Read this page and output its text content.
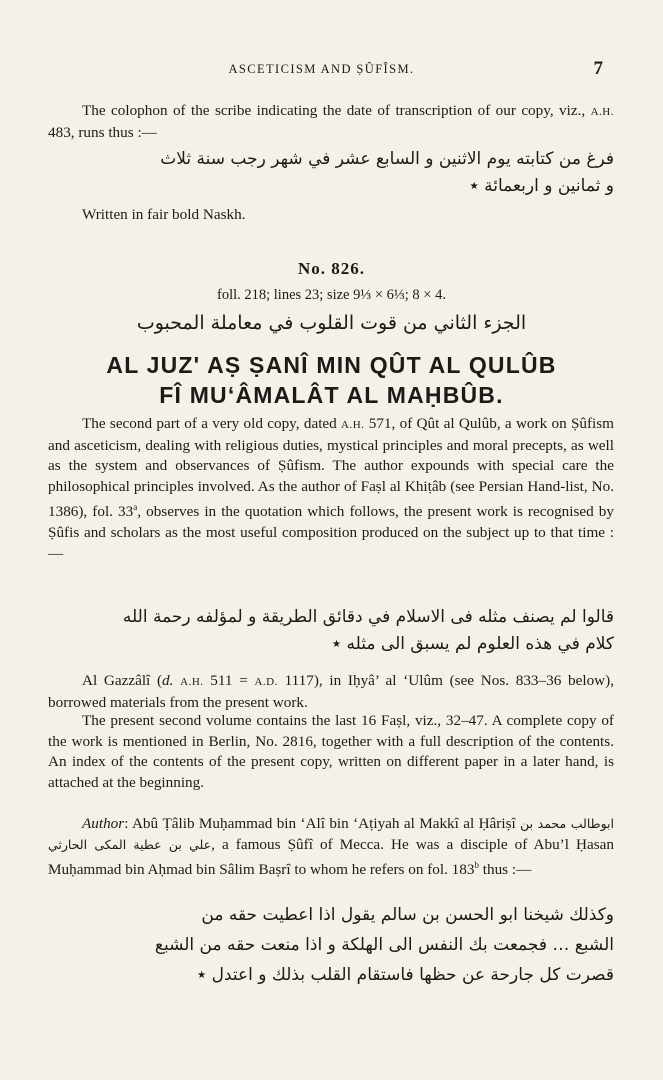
ASCETICISM AND ṢÛFÎSM.	7

The colophon of the scribe indicating the date of transcription of our copy, viz., A.H. 483, runs thus :—

فرغ من كتابته يوم الاثنين و السابع عشر في شهر رجب سنة ثلاث
و ثمانين و اربعمائة ٭

Written in fair bold Naskh.

No. 826.
foll. 218; lines 23; size 9⅓ × 6⅓; 8 × 4.
الجزء الثاني من قوت القلوب في معاملة المحبوب
AL JUZ' AṢ ṢANÎ MIN QÛT AL QULÛB
FÎ MU‘ÂMALÂT AL MAḤBÛB.

The second part of a very old copy, dated A.H. 571, of Qût al Qulûb, a work on Ṣûfism and asceticism, dealing with religious duties, mystical principles and moral precepts, as well as the system and observances of Ṣûfism. The author expounds with special care the philosophical principles involved. As the author of Faṣl al Khiṭâb (see Persian Hand-list, No. 1386), fol. 33$^a$, observes in the quotation which follows, the present work is recognised by Ṣûfis and scholars as the most useful composition produced on the subject up to that time :—

قالوا لم يصنف مثله فی الاسلام في دقائق الطريقة و لمؤلفه رحمة الله
كلام في هذه العلوم لم يسبق الى مثله ٭

Al Gazzâlî (d. A.H. 511 = A.D. 1117), in Iḥyâ’ al ‘Ulûm (see Nos. 833–36 below), borrowed materials from the present work.

The present second volume contains the last 16 Faṣl, viz., 32–47. A complete copy of the work is mentioned in Berlin, No. 2816, together with a full description of the contents. An index of the contents of the present copy, written on different paper in a later hand, is attached at the beginning.

Author: Abû Ṭâlib Muḥammad bin ‘Alî bin ‘Aṭiyah al Makkî al Ḥâriṣî ابوطالب محمد بن علي بن عطية المكی الحارثي, a famous Ṣûfî of Mecca. He was a disciple of Abu’l Ḥasan Muḥammad bin Aḥmad bin Sâlim Baṣrî to whom he refers on fol. 183$^b$ thus :—

وكذلك شيخنا ابو الحسن بن سالم يقول اذا اعطيت حقه من
الشبع … فجمعت بك النفس الى الهلكة و اذا منعت حقه من الشبع
قصرت كل جارحة عن حظها فاستقام القلب بذلك و اعتدل ٭
